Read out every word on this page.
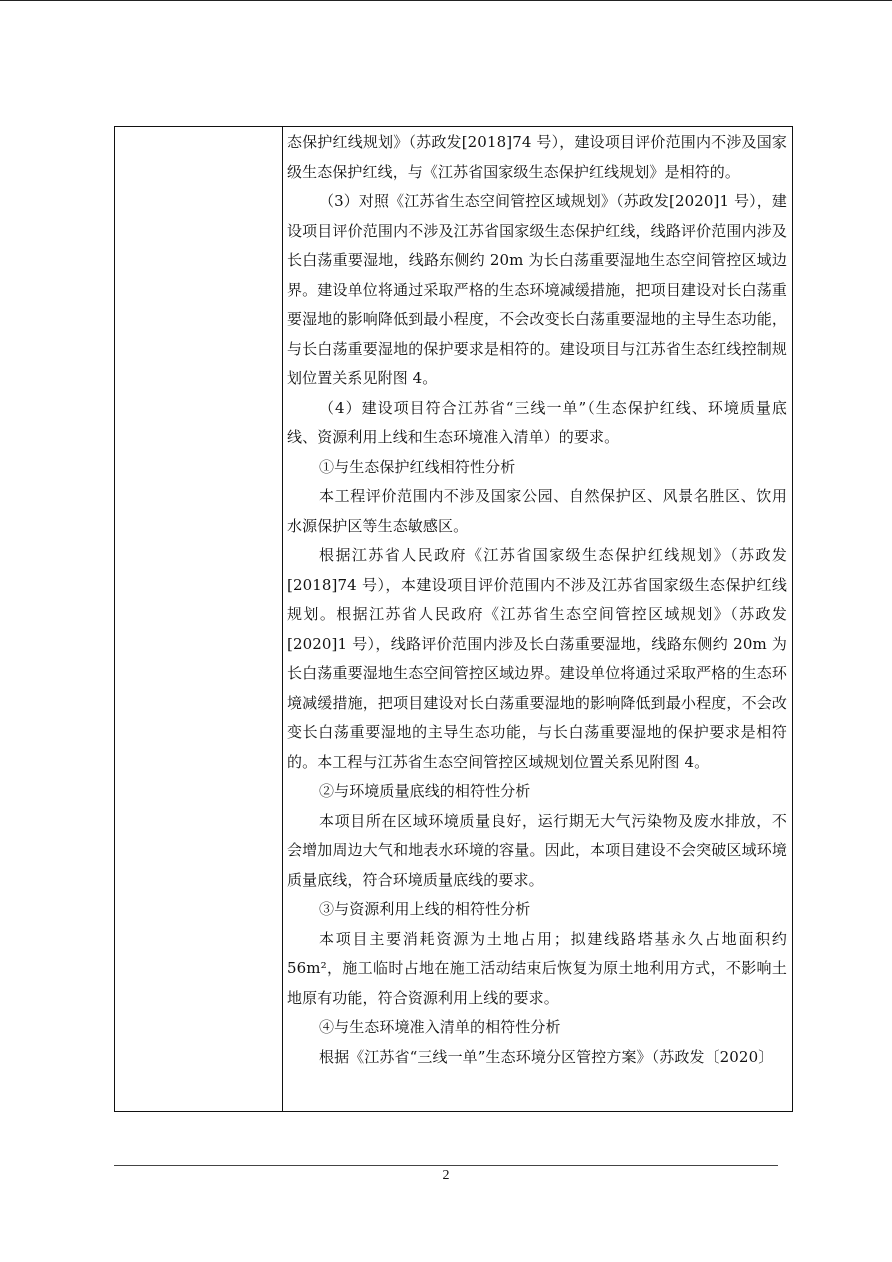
态保护红线规划》（苏政发[2018]74 号），建设项目评价范围内不涉及国家级生态保护红线，与《江苏省国家级生态保护红线规划》是相符的。

（3）对照《江苏省生态空间管控区域规划》（苏政发[2020]1 号），建设项目评价范围内不涉及江苏省国家级生态保护红线，线路评价范围内涉及长白荡重要湿地，线路东侧约 20m 为长白荡重要湿地生态空间管控区域边界。建设单位将通过采取严格的生态环境减缓措施，把项目建设对长白荡重要湿地的影响降低到最小程度，不会改变长白荡重要湿地的主导生态功能，与长白荡重要湿地的保护要求是相符的。建设项目与江苏省生态红线控制规划位置关系见附图 4。

（4）建设项目符合江苏省“三线一单”（生态保护红线、环境质量底线、资源利用上线和生态环境准入清单）的要求。

①与生态保护红线相符性分析

本工程评价范围内不涉及国家公园、自然保护区、风景名胜区、饮用水源保护区等生态敏感区。

根据江苏省人民政府《江苏省国家级生态保护红线规划》（苏政发[2018]74 号），本建设项目评价范围内不涉及江苏省国家级生态保护红线规划。根据江苏省人民政府《江苏省生态空间管控区域规划》（苏政发[2020]1 号），线路评价范围内涉及长白荡重要湿地，线路东侧约 20m 为长白荡重要湿地生态空间管控区域边界。建设单位将通过采取严格的生态环境减缓措施，把项目建设对长白荡重要湿地的影响降低到最小程度，不会改变长白荡重要湿地的主导生态功能，与长白荡重要湿地的保护要求是相符的。本工程与江苏省生态空间管控区域规划位置关系见附图 4。

②与环境质量底线的相符性分析

本项目所在区域环境质量良好，运行期无大气污染物及废水排放，不会增加周边大气和地表水环境的容量。因此，本项目建设不会突破区域环境质量底线，符合环境质量底线的要求。

③与资源利用上线的相符性分析

本项目主要消耗资源为土地占用；拟建线路塔基永久占地面积约56m²，施工临时占地在施工活动结束后恢复为原土地利用方式，不影响土地原有功能，符合资源利用上线的要求。

④与生态环境准入清单的相符性分析

根据《江苏省“三线一单”生态环境分区管控方案》（苏政发〔2020〕

2
